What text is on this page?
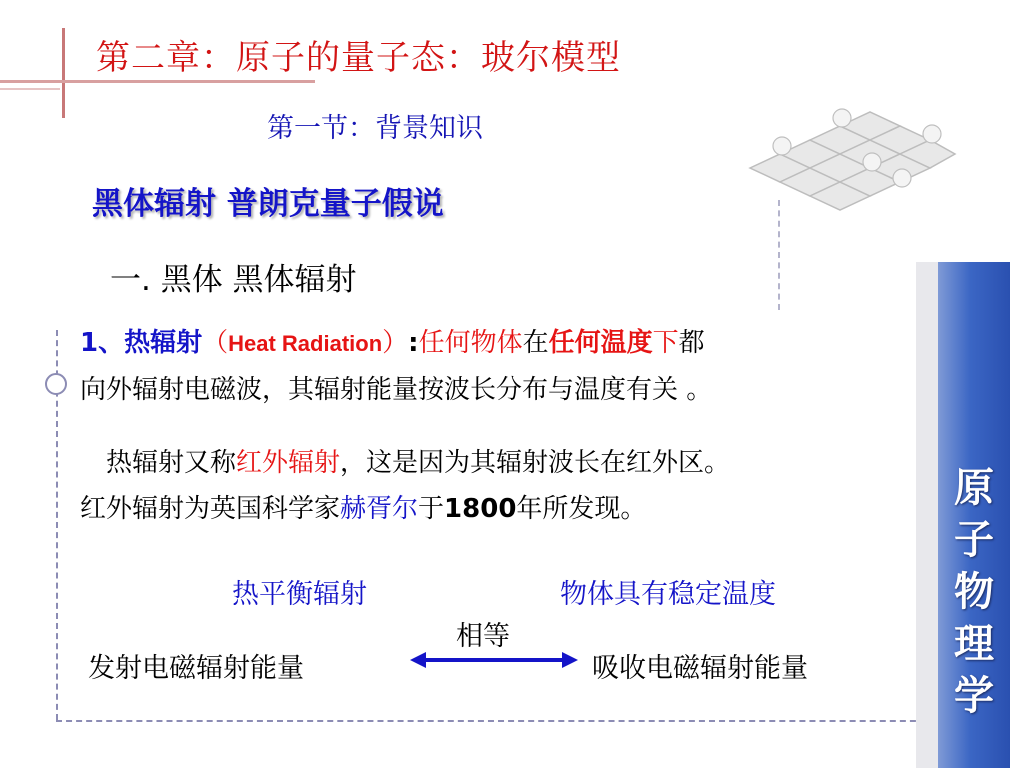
第二章：原子的量子态：玻尔模型
第一节：背景知识
黑体辐射 普朗克量子假说
一. 黑体 黑体辐射
1、热辐射（Heat Radiation）:任何物体在任何温度下都
向外辐射电磁波，其辐射能量按波长分布与温度有关 。
热辐射又称红外辐射，这是因为其辐射波长在红外区。
红外辐射为英国科学家赫胥尔于1800年所发现。
热平衡辐射	物体具有稳定温度
相等
发射电磁辐射能量	吸收电磁辐射能量
原
子
物
理
学
